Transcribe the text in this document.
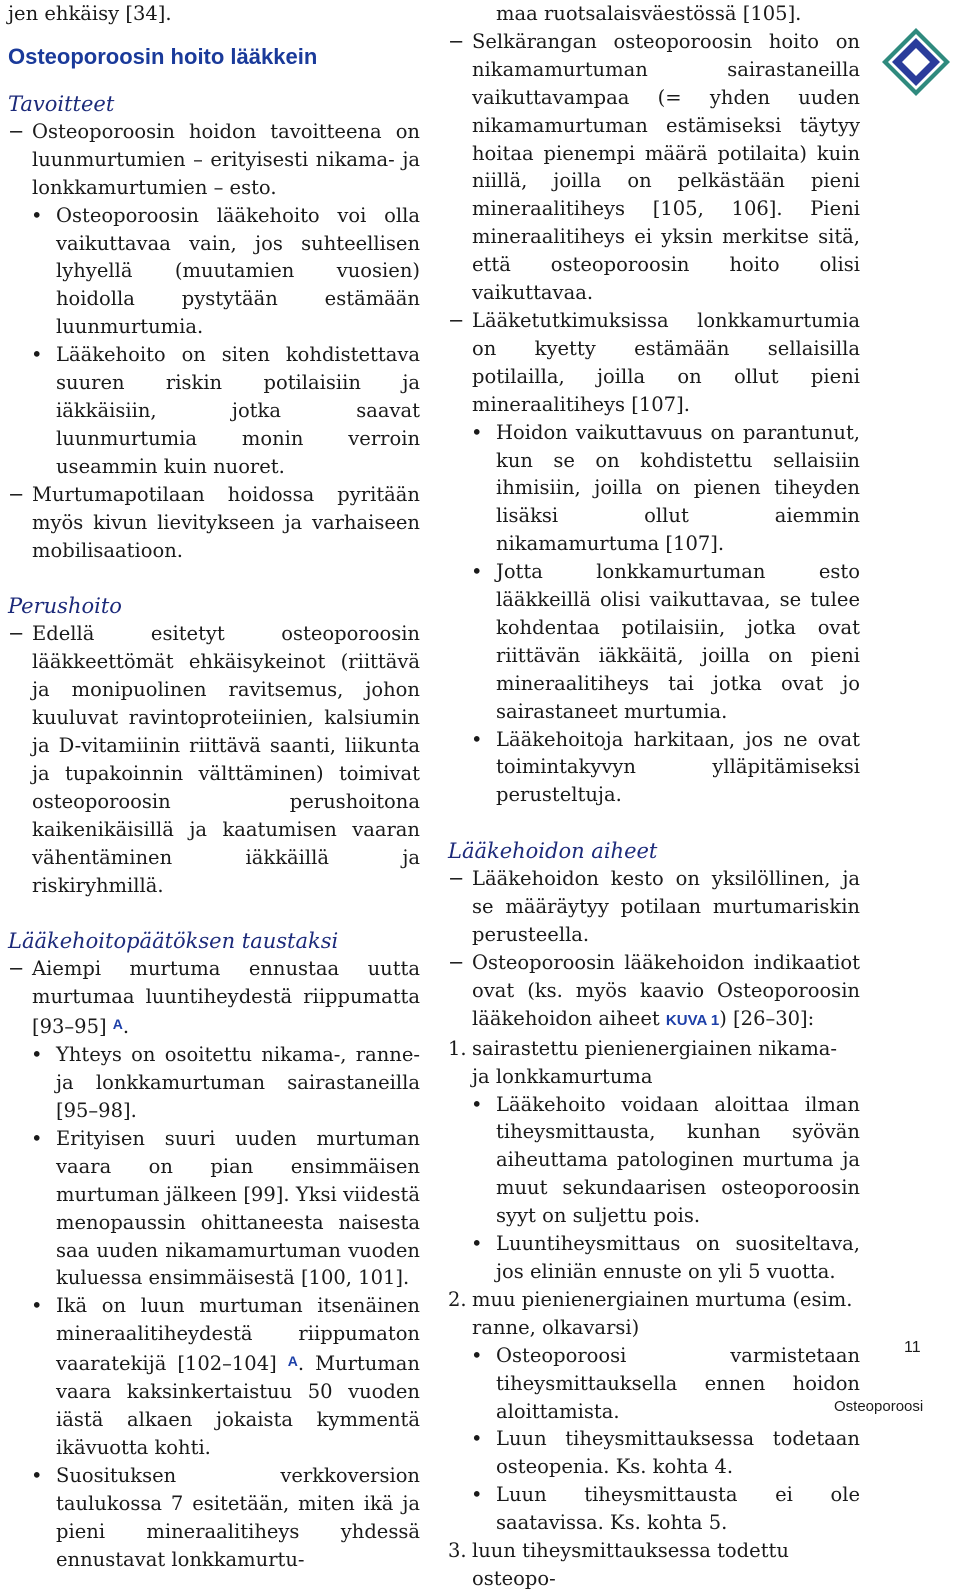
jen ehkäisy [34].

Osteoporoosin hoito lääkkein
Tavoitteet

− Osteoporoosin hoidon tavoitteena on luunmurtumien – erityisesti nikama- ja lonkkamurtumien – esto.

• Osteoporoosin lääkehoito voi olla vaikuttavaa vain, jos suhteellisen lyhyellä (muutamien vuosien) hoidolla pystytään estämään luunmurtumia.

• Lääkehoito on siten kohdistettava suuren riskin potilaisiin ja iäkkäisiin, jotka saavat luunmurtumia monin verroin useammin kuin nuoret.

− Murtumapotilaan hoidossa pyritään myös kivun lievitykseen ja varhaiseen mobilisaatioon.

Perushoito

− Edellä esitetyt osteoporoosin lääkkeettömät ehkäisykeinot (riittävä ja monipuolinen ravitsemus, johon kuuluvat ravintoproteiinien, kalsiumin ja D-vitamiinin riittävä saanti, liikunta ja tupakoinnin välttäminen) toimivat osteoporoosin perushoitona kaikenikäisillä ja kaatumisen vaaran vähentäminen iäkkäillä ja riskiryhmillä.

Lääkehoitopäätöksen taustaksi

− Aiempi murtuma ennustaa uutta murtumaa luuntiheydestä riippumatta [93–95] $^A$.

• Yhteys on osoitettu nikama-, ranne- ja lonkkamurtuman sairastaneilla [95–98].

• Erityisen suuri uuden murtuman vaara on pian ensimmäisen murtuman jälkeen [99]. Yksi viidestä menopaussin ohittaneesta naisesta saa uuden nikamamurtuman vuoden kuluessa ensimmäisestä [100, 101].

• Ikä on luun murtuman itsenäinen mineraalitiheydestä riippumaton vaaratekijä [102–104] $^A$. Murtuman vaara kaksinkertaistuu 50 vuoden iästä alkaen jokaista kymmentä ikävuotta kohti.

• Suosituksen verkkoversion taulukossa 7 esitetään, miten ikä ja pieni mineraalitiheys yhdessä ennustavat lonkkamurtu-

maa ruotsalaisväestössä [105].

− Selkärangan osteoporoosin hoito on nikamamurtuman sairastaneilla vaikuttavampaa (= yhden uuden nikamamurtuman estämiseksi täytyy hoitaa pienempi määrä potilaita) kuin niillä, joilla on pelkästään pieni mineraalitiheys [105, 106]. Pieni mineraalitiheys ei yksin merkitse sitä, että osteoporoosin hoito olisi vaikuttavaa.

− Lääketutkimuksissa lonkkamurtumia on kyetty estämään sellaisilla potilailla, joilla on ollut pieni mineraalitiheys [107].

• Hoidon vaikuttavuus on parantunut, kun se on kohdistettu sellaisiin ihmisiin, joilla on pienen tiheyden lisäksi ollut aiemmin nikamamurtuma [107].

• Jotta lonkkamurtuman esto lääkkeillä olisi vaikuttavaa, se tulee kohdentaa potilaisiin, jotka ovat riittävän iäkkäitä, joilla on pieni mineraalitiheys tai jotka ovat jo sairastaneet murtumia.

• Lääkehoitoja harkitaan, jos ne ovat toimintakyvyn ylläpitämiseksi perusteltuja.

Lääkehoidon aiheet

− Lääkehoidon kesto on yksilöllinen, ja se määräytyy potilaan murtumariskin perusteella.

− Osteoporoosin lääkehoidon indikaatiot ovat (ks. myös kaavio Osteoporoosin lääkehoidon aiheet KUVA 1) [26–30]:

1. sairastettu pienienergiainen nikama- ja lonkkamurtuma

• Lääkehoito voidaan aloittaa ilman tiheysmittausta, kunhan syövän aiheuttama patologinen murtuma ja muut sekundaarisen osteoporoosin syyt on suljettu pois.

• Luuntiheysmittaus on suositeltava, jos eliniän ennuste on yli 5 vuotta.

2. muu pienienergiainen murtuma (esim. ranne, olkavarsi)

• Osteoporoosi varmistetaan tiheysmittauksella ennen hoidon aloittamista.

• Luun tiheysmittauksessa todetaan osteopenia. Ks. kohta 4.

• Luun tiheysmittausta ei ole saatavissa. Ks. kohta 5.

3. luun tiheysmittauksessa todettu osteopo-

11
Osteoporoosi
